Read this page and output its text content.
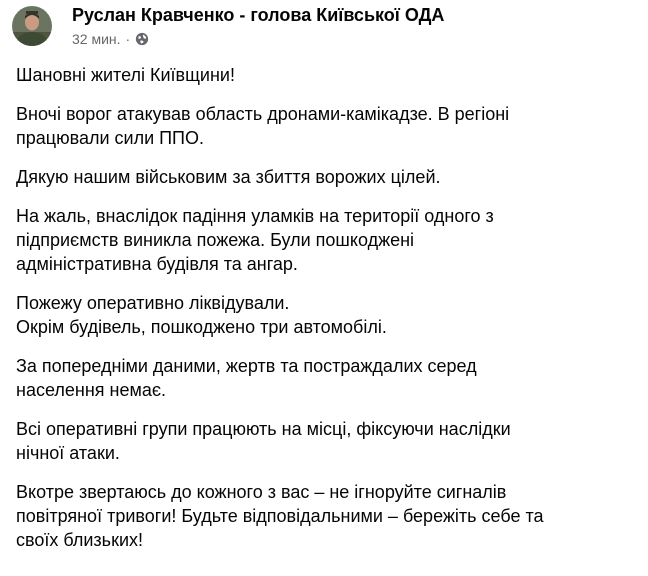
Руслан Кравченко - голова Київської ОДА
32 мин. ·

Шановні жителі Київщини!

Вночі ворог атакував область дронами-камікадзе. В регіоні
працювали сили ППО.

Дякую нашим військовим за збиття ворожих цілей.

На жаль, внаслідок падіння уламків на території одного з
підприємств виникла пожежа. Були пошкоджені
адміністративна будівля та ангар.

Пожежу оперативно ліквідували.
Окрім будівель, пошкоджено три автомобілі.

За попередніми даними, жертв та постраждалих серед
населення немає.

Всі оперативні групи працюють на місці, фіксуючи наслідки
нічної атаки.

Вкотре звертаюсь до кожного з вас – не ігноруйте сигналів
повітряної тривоги! Будьте відповідальними – бережіть себе та
своїх близьких!
